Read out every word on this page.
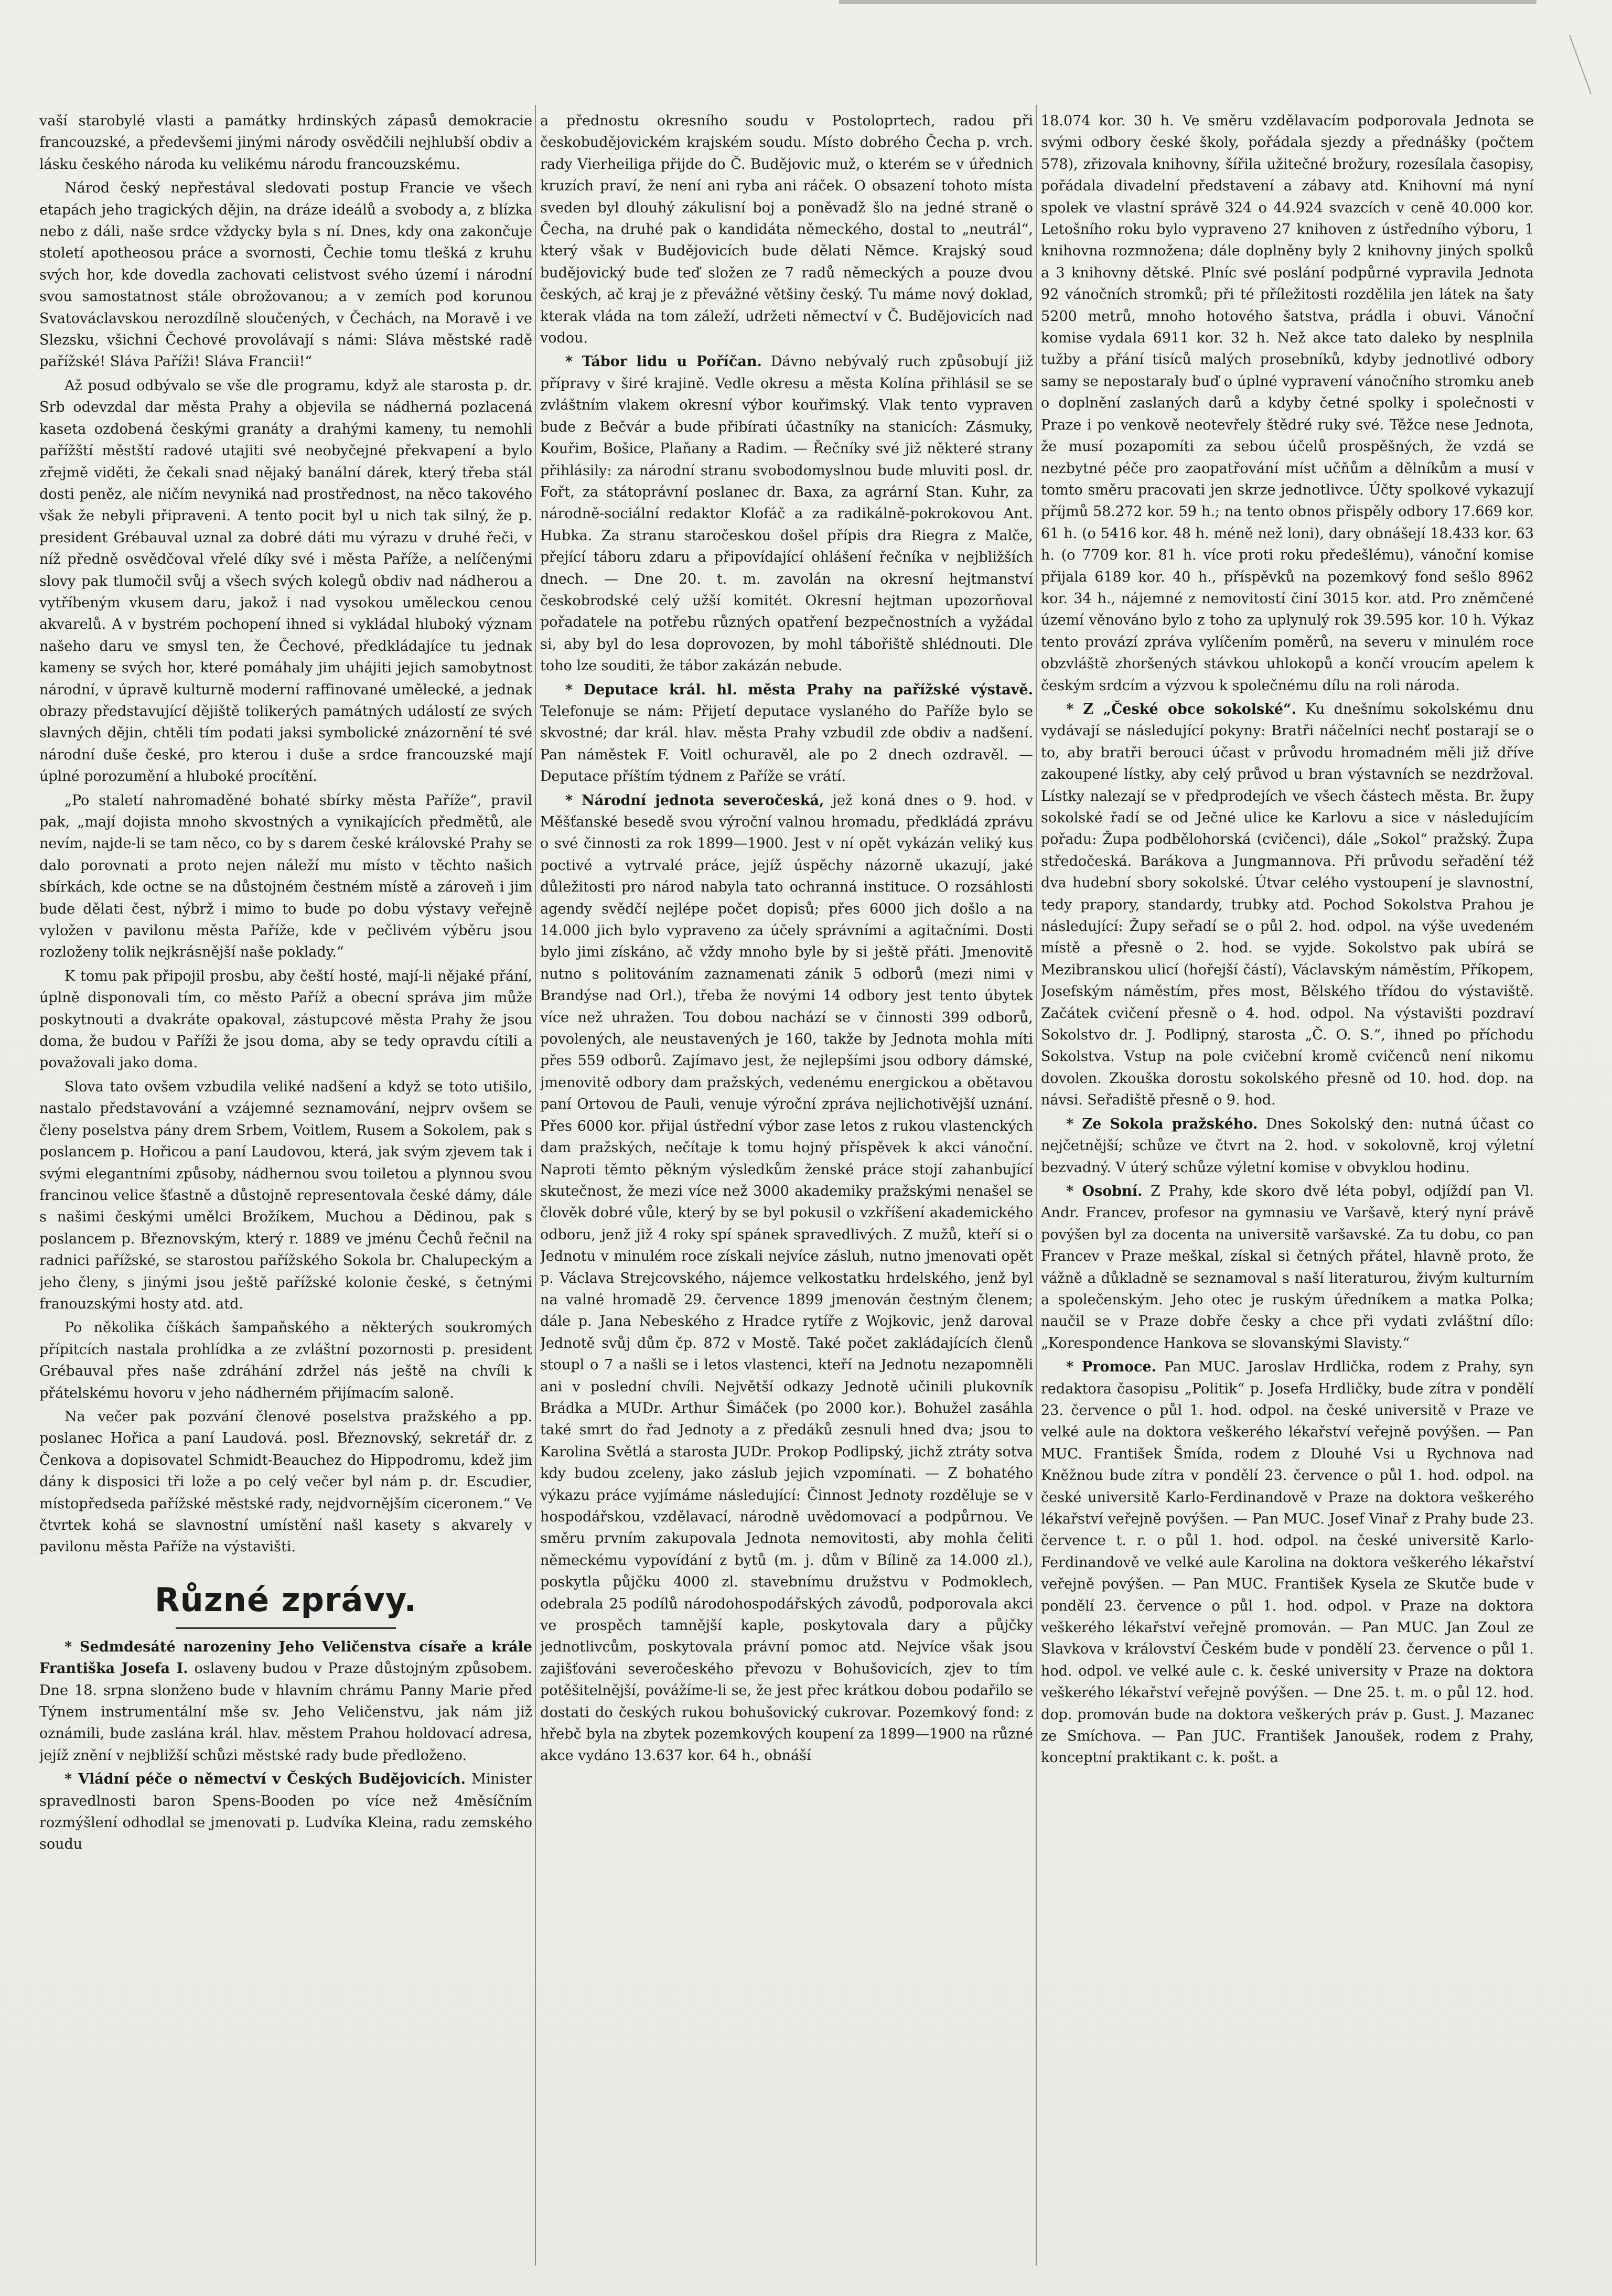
vaší starobylé vlasti a památky hrdinských zápasů demokracie francouzské, a předevšemi jinými národy osvědčili nejhlubší obdiv a lásku českého národa ku velikému národu francouzskému.

Národ český nepřestával sledovati postup Francie ve všech etapách jeho tragických dějin, na dráze ideálů a svobody a, z blízka nebo z dáli, naše srdce vždycky byla s ní. Dnes, kdy ona zakončuje století apotheosou práce a svornosti, Čechie tomu tlešká z kruhu svých hor, kde dovedla zachovati celistvost svého území i národní svou samostatnost stále obrožovanou; a v zemích pod korunou Svatováclavskou nerozdílně sloučených, v Čechách, na Moravě i ve Slezsku, všichni Čechové provolávají s námi: Sláva městské radě pařížské! Sláva Paříži! Sláva Francii!“

Až posud odbývalo se vše dle programu, když ale starosta p. dr. Srb odevzdal dar města Prahy a objevila se nádherná pozlacená kaseta ozdobená českými granáty a drahými kameny, tu nemohli pařížští městští radové utajiti své neobyčejné překvapení a bylo zřejmě viděti, že čekali snad nějaký banální dárek, který třeba stál dosti peněz, ale ničím nevyniká nad prostřednost, na něco takového však že nebyli připraveni. A tento pocit byl u nich tak silný, že p. president Grébauval uznal za dobré dáti mu výrazu v druhé řeči, v níž předně osvědčoval vřelé díky své i města Paříže, a nelíčenými slovy pak tlumočil svůj a všech svých kolegů obdiv nad nádherou a vytříbeným vkusem daru, jakož i nad vysokou uměleckou cenou akvarelů. A v bystrém pochopení ihned si vykládal hluboký význam našeho daru ve smysl ten, že Čechové, předkládajíce tu jednak kameny se svých hor, které pomáhaly jim uhájiti jejich samobytnost národní, v úpravě kulturně moderní raffinované umělecké, a jednak obrazy představující dějiště tolikerých památných událostí ze svých slavných dějin, chtěli tím podati jaksi symbolické znázornění té své národní duše české, pro kterou i duše a srdce francouzské mají úplné porozumění a hluboké procítění.

„Po staletí nahromaděné bohaté sbírky města Paříže“, pravil pak, „mají dojista mnoho skvostných a vynikajících předmětů, ale nevím, najde-li se tam něco, co by s darem české královské Prahy se dalo porovnati a proto nejen náleží mu místo v těchto našich sbírkách, kde octne se na důstojném čestném místě a zároveň i jim bude dělati čest, nýbrž i mimo to bude po dobu výstavy veřejně vyložen v pavilonu města Paříže, kde v pečlivém výběru jsou rozloženy tolik nejkrásnější naše poklady.“

K tomu pak připojil prosbu, aby čeští hosté, mají-li nějaké přání, úplně disponovali tím, co město Paříž a obecní správa jim může poskytnouti a dvakráte opakoval, zástupcové města Prahy že jsou doma, že budou v Paříži že jsou doma, aby se tedy opravdu cítili a považovali jako doma.

Slova tato ovšem vzbudila veliké nadšení a když se toto utišilo, nastalo představování a vzájemné seznamování, nejprv ovšem se členy poselstva pány drem Srbem, Voitlem, Rusem a Sokolem, pak s poslancem p. Hořicou a paní Laudovou, která, jak svým zjevem tak i svými elegantními způsoby, nádhernou svou toiletou a plynnou svou francinou velice šťastně a důstojně representovala české dámy, dále s našimi českými umělci Brožíkem, Muchou a Dědinou, pak s poslancem p. Březnovským, který r. 1889 ve jménu Čechů řečnil na radnici pařížské, se starostou pařížského Sokola br. Chalupeckým a jeho členy, s jinými jsou ještě pařížské kolonie české, s četnými franouzskými hosty atd. atd.

Po několika číškách šampaňského a některých soukromých přípitcích nastala prohlídka a ze zvláštní pozornosti p. president Grébauval přes naše zdráhání zdržel nás ještě na chvíli k přátelskému hovoru v jeho nádherném přijímacím saloně.

Na večer pak pozvání členové poselstva pražského a pp. poslanec Hořica a paní Laudová. posl. Březnovský, sekretář dr. z Čenkova a dopisovatel Schmidt-Beauchez do Hippodromu, kdež jim dány k disposici tři lože a po celý večer byl nám p. dr. Escudier, místopředseda pařížské městské rady, nejdvornějším ciceronem.“ Ve čtvrtek kohá se slavnostní umístění našl kasety s akvarely v pavilonu města Paříže na výstavišti.

Různé zprávy.

* Sedmdesáté narozeniny Jeho Veličenstva císaře a krále Františka Josefa I. oslaveny budou v Praze důstojným způsobem. Dne 18. srpna slonženo bude v hlavním chrámu Panny Marie před Týnem instrumentální mše sv. Jeho Veličenstvu, jak nám již oznámili, bude zaslána král. hlav. městem Prahou holdovací adresa, jejíž znění v nejbližší schůzi městské rady bude předloženo.

* Vládní péče o němectví v Českých Budějovicích. Minister spravedlnosti baron Spens-Booden po více než 4měsíčním rozmýšlení odhodlal se jmenovati p. Ludvíka Kleina, radu zemského soudu

a přednostu okresního soudu v Postoloprtech, radou při českobudějovickém krajském soudu. Místo dobrého Čecha p. vrch. rady Vierheiliga přijde do Č. Budějovic muž, o kterém se v úřednich kruzích praví, že není ani ryba ani ráček. O obsazení tohoto místa sveden byl dlouhý zákulisní boj a poněvadž šlo na jedné straně o Čecha, na druhé pak o kandidáta německého, dostal to „neutrál“, který však v Budějovicích bude dělati Němce. Krajský soud budějovický bude teď složen ze 7 radů německých a pouze dvou českých, ač kraj je z převážné většiny český. Tu máme nový doklad, kterak vláda na tom záleží, udržeti němectví v Č. Budějovicích nad vodou.

* Tábor lidu u Poříčan. Dávno nebývalý ruch způsobují již přípravy v širé krajině. Vedle okresu a města Kolína přihlásil se se zvláštním vlakem okresní výbor kouřimský. Vlak tento vypraven bude z Bečvár a bude přibírati účastníky na stanicích: Zásmuky, Kouřim, Bošice, Plaňany a Radim. — Řečníky své již některé strany přihlásily: za národní stranu svobodomyslnou bude mluviti posl. dr. Fořt, za státoprávní poslanec dr. Baxa, za agrární Stan. Kuhr, za národně-sociální redaktor Klofáč a za radikálně-pokrokovou Ant. Hubka. Za stranu staročeskou došel přípis dra Riegra z Malče, přející táboru zdaru a připovídající ohlášení řečníka v nejbližších dnech. — Dne 20. t. m. zavolán na okresní hejtmanství českobrodské celý užší komitét. Okresní hejtman upozorňoval pořadatele na potřebu různých opatření bezpečnostních a vyžádal si, aby byl do lesa doprovozen, by mohl tábořiště shlédnouti. Dle toho lze souditi, že tábor zakázán nebude.

* Deputace král. hl. města Prahy na pařížské výstavě. Telefonuje se nám: Přijetí deputace vyslaného do Paříže bylo se skvostné; dar král. hlav. města Prahy vzbudil zde obdiv a nadšení. Pan náměstek F. Voitl ochuravěl, ale po 2 dnech ozdravěl. — Deputace příštím týdnem z Paříže se vrátí.

* Národní jednota severočeská, jež koná dnes o 9. hod. v Měšťanské besedě svou výroční valnou hromadu, předkládá zprávu o své činnosti za rok 1899—1900. Jest v ní opět vykázán veliký kus poctivé a vytrvalé práce, jejíž úspěchy názorně ukazují, jaké důležitosti pro národ nabyla tato ochranná instituce. O rozsáhlosti agendy svědčí nejlépe počet dopisů; přes 6000 jich došlo a na 14.000 jich bylo vypraveno za účely správními a agitačními. Dosti bylo jimi získáno, ač vždy mnoho byle by si ještě přáti. Jmenovitě nutno s politováním zaznamenati zánik 5 odborů (mezi nimi v Brandýse nad Orl.), třeba že novými 14 odbory jest tento úbytek více než uhražen. Tou dobou nachází se v činnosti 399 odborů, povolených, ale neustavených je 160, takže by Jednota mohla míti přes 559 odborů. Zajímavo jest, že nejlepšími jsou odbory dámské, jmenovitě odbory dam pražských, vedenému energickou a obětavou paní Ortovou de Pauli, venuje výroční zpráva nejlichotivější uznání. Přes 6000 kor. přijal ústřední výbor zase letos z rukou vlastenckých dam pražských, nečítaje k tomu hojný příspěvek k akci vánoční. Naproti těmto pěkným výsledkům ženské práce stojí zahanbující skutečnost, že mezi více než 3000 akademiky pražskými nenašel se člověk dobré vůle, který by se byl pokusil o vzkříšení akademického odboru, jenž již 4 roky spí spánek spravedlivých. Z mužů, kteří si o Jednotu v minulém roce získali nejvíce zásluh, nutno jmenovati opět p. Václava Strejcovského, nájemce velkostatku hrdelského, jenž byl na valné hromadě 29. července 1899 jmenován čestným členem; dále p. Jana Nebeského z Hradce rytíře z Wojkovic, jenž daroval Jednotě svůj dům čp. 872 v Mostě. Také počet zakládajících členů stoupl o 7 a našli se i letos vlastenci, kteří na Jednotu nezapomněli ani v poslední chvíli. Největší odkazy Jednotě učinili plukovník Brádka a MUDr. Arthur Šimáček (po 2000 kor.). Bohužel zasáhla také smrt do řad Jednoty a z předáků zesnuli hned dva; jsou to Karolina Světlá a starosta JUDr. Prokop Podlipský, jichž ztráty sotva kdy budou zceleny, jako záslub jejich vzpomínati. — Z bohatého výkazu práce vyjímáme následující: Činnost Jednoty rozděluje se v hospodářskou, vzdělavací, národně uvědomovací a podpůrnou. Ve směru prvním zakupovala Jednota nemovitosti, aby mohla čeliti německému vypovídání z bytů (m. j. dům v Bílině za 14.000 zl.), poskytla půjčku 4000 zl. stavebnímu družstvu v Podmoklech, odebrala 25 podílů národohospodářských závodů, podporovala akci ve prospěch tamnější kaple, poskytovala dary a půjčky jednotlivcům, poskytovala právní pomoc atd. Nejvíce však jsou zajišťováni severočeského převozu v Bohušovicích, zjev to tím potěšitelnější, povážíme-li se, že jest přec krátkou dobou podařilo se dostati do českých rukou bohušovický cukrovar. Pozemkový fond: z hřebč byla na zbytek pozemkových koupení za 1899—1900 na různé akce vydáno 13.637 kor. 64 h., obnáší

18.074 kor. 30 h. Ve směru vzdělavacím podporovala Jednota se svými odbory české školy, pořádala sjezdy a přednášky (počtem 578), zřizovala knihovny, šířila užitečné brožury, rozesílala časopisy, pořádala divadelní představení a zábavy atd. Knihovní má nyní spolek ve vlastní správě 324 o 44.924 svazcích v ceně 40.000 kor. Letošního roku bylo vypraveno 27 knihoven z ústředního výboru, 1 knihovna rozmnožena; dále doplněny byly 2 knihovny jiných spolků a 3 knihovny dětské. Plníc své poslání podpůrné vypravila Jednota 92 vánočních stromků; při té příležitosti rozdělila jen látek na šaty 5200 metrů, mnoho hotového šatstva, prádla i obuvi. Vánoční komise vydala 6911 kor. 32 h. Než akce tato daleko by nesplnila tužby a přání tisíců malých prosebníků, kdyby jednotlivé odbory samy se nepostaraly buď o úplné vypravení vánočního stromku aneb o doplnění zaslaných darů a kdyby četné spolky i společnosti v Praze i po venkově neotevřely štědré ruky své. Těžce nese Jednota, že musí pozapomíti za sebou účelů prospěšných, že vzdá se nezbytné péče pro zaopatřování míst učňům a dělníkům a musí v tomto směru pracovati jen skrze jednotlivce. Účty spolkové vykazují příjmů 58.272 kor. 59 h.; na tento obnos přispěly odbory 17.669 kor. 61 h. (o 5416 kor. 48 h. méně než loni), dary obnášejí 18.433 kor. 63 h. (o 7709 kor. 81 h. více proti roku předešlému), vánoční komise přijala 6189 kor. 40 h., příspěvků na pozemkový fond sešlo 8962 kor. 34 h., nájemné z nemovitostí činí 3015 kor. atd. Pro zněmčené území věnováno bylo z toho za uplynulý rok 39.595 kor. 10 h. Výkaz tento provází zpráva vylíčením poměrů, na severu v minulém roce obzvláště zhoršených stávkou uhlokopů a končí vroucím apelem k českým srdcím a výzvou k společnému dílu na roli národa.

* Z „České obce sokolské“. Ku dnešnímu sokolskému dnu vydávají se následující pokyny: Bratři náčelníci nechť postarají se o to, aby bratři berouci účast v průvodu hromadném měli již dříve zakoupené lístky, aby celý průvod u bran výstavních se nezdržoval. Lístky nalezají se v předprodejích ve všech částech města. Br. župy sokolské řadí se od Ječné ulice ke Karlovu a sice v následujícím pořadu: Župa podbělohorská (cvičenci), dále „Sokol“ pražský. Župa středočeská. Barákova a Jungmannova. Při průvodu seřadění též dva hudební sbory sokolské. Útvar celého vystoupení je slavnostní, tedy prapory, standardy, trubky atd. Pochod Sokolstva Prahou je následující: Župy seřadí se o půl 2. hod. odpol. na výše uvedeném místě a přesně o 2. hod. se vyjde. Sokolstvo pak ubírá se Mezibranskou ulicí (hořejší částí), Václavským náměstím, Příkopem, Josefským náměstím, přes most, Bělského třídou do výstaviště. Začátek cvičení přesně o 4. hod. odpol. Na výstavišti pozdraví Sokolstvo dr. J. Podlipný, starosta „Č. O. S.“, ihned po příchodu Sokolstva. Vstup na pole cvičební kromě cvičenců není nikomu dovolen. Zkouška dorostu sokolského přesně od 10. hod. dop. na návsi. Seřadiště přesně o 9. hod.

* Ze Sokola pražského. Dnes Sokolský den: nutná účast co nejčetnější; schůze ve čtvrt na 2. hod. v sokolovně, kroj výletní bezvadný. V úterý schůze výletní komise v obvyklou hodinu.

* Osobní. Z Prahy, kde skoro dvě léta pobyl, odjíždí pan Vl. Andr. Francev, profesor na gymnasiu ve Varšavě, který nyní právě povýšen byl za docenta na universitě varšavské. Za tu dobu, co pan Francev v Praze meškal, získal si četných přátel, hlavně proto, že vážně a důkladně se seznamoval s naší literaturou, živým kulturním a společenským. Jeho otec je ruským úředníkem a matka Polka; naučil se v Praze dobře česky a chce při vydati zvláštní dílo: „Korespondence Hankova se slovanskými Slavisty.“

* Promoce. Pan MUC. Jaroslav Hrdlička, rodem z Prahy, syn redaktora časopisu „Politik“ p. Josefa Hrdličky, bude zítra v pondělí 23. července o půl 1. hod. odpol. na české universitě v Praze ve velké aule na doktora veškerého lékařství veřejně povýšen. — Pan MUC. František Šmída, rodem z Dlouhé Vsi u Rychnova nad Kněžnou bude zítra v pondělí 23. července o půl 1. hod. odpol. na české universitě Karlo-Ferdinandově v Praze na doktora veškerého lékařství veřejně povýšen. — Pan MUC. Josef Vinař z Prahy bude 23. července t. r. o půl 1. hod. odpol. na české universitě Karlo-Ferdinandově ve velké aule Karolina na doktora veškerého lékařství veřejně povýšen. — Pan MUC. František Kysela ze Skutče bude v pondělí 23. července o půl 1. hod. odpol. v Praze na doktora veškerého lékařství veřejně promován. — Pan MUC. Jan Zoul ze Slavkova v království Českém bude v pondělí 23. července o půl 1. hod. odpol. ve velké aule c. k. české university v Praze na doktora veškerého lékařství veřejně povýšen. — Dne 25. t. m. o půl 12. hod. dop. promován bude na doktora veškerých práv p. Gust. J. Mazanec ze Smíchova. — Pan JUC. František Janoušek, rodem z Prahy, konceptní praktikant c. k. pošt. a
